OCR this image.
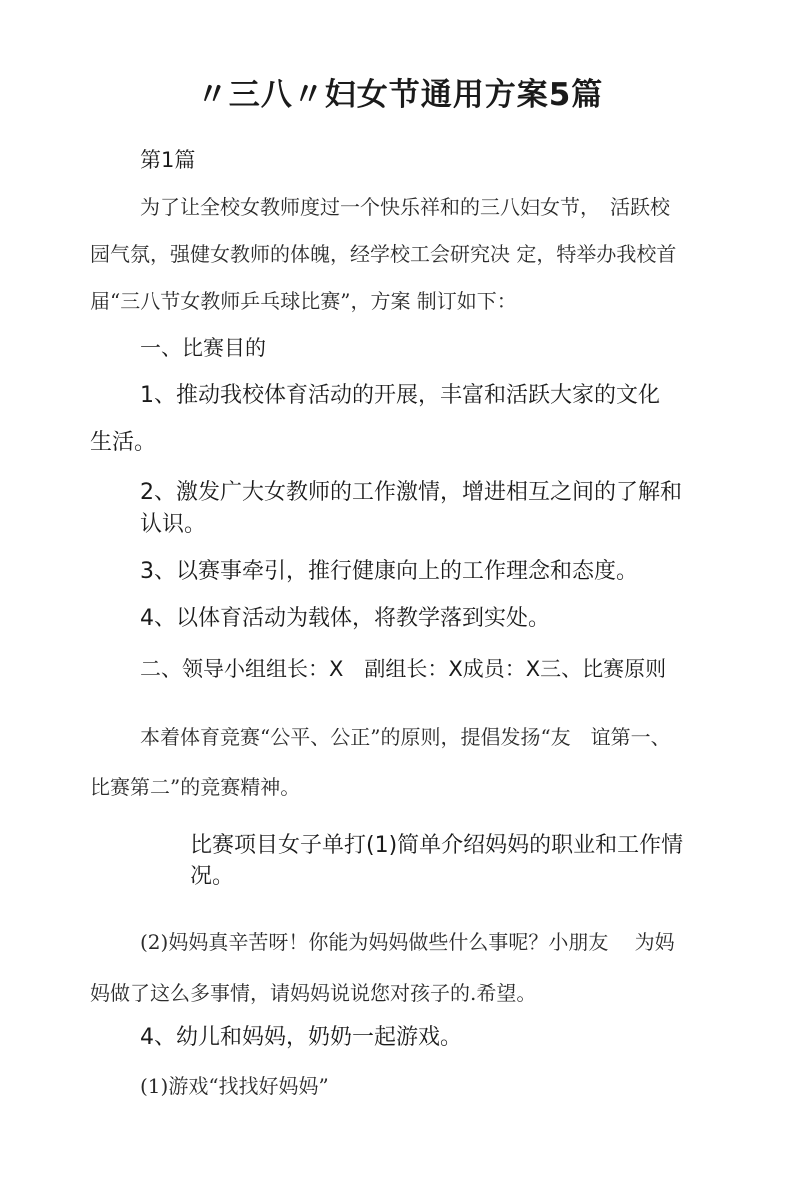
〃三八〃妇女节通用方案5篇

第1篇

为了让全校女教师度过一个快乐祥和的三八妇女节，　活跃校

园气氛，强健女教师的体魄，经学校工会研究决 定，特举办我校首

届“三八节女教师乒乓球比赛”，方案 制订如下：

一、比赛目的

1、推动我校体育活动的开展，丰富和活跃大家的文化

生活。

2、激发广大女教师的工作激情，增进相互之间的了解和

认识。

3、以赛事牵引，推行健康向上的工作理念和态度。

4、以体育活动为载体，将教学落到实处。

二、领导小组组长：X　副组长：X成员：X三、比赛原则

本着体育竞赛“公平、公正”的原则，提倡发扬“友　谊第一、

比赛第二”的竞赛精神。

比赛项目女子单打(1)简单介绍妈妈的职业和工作情

况。

(2)妈妈真辛苦呀！你能为妈妈做些什么事呢？小朋友　 为妈

妈做了这么多事情，请妈妈说说您对孩子的.希望。

4、幼儿和妈妈，奶奶一起游戏。

(1)游戏“找找好妈妈”
